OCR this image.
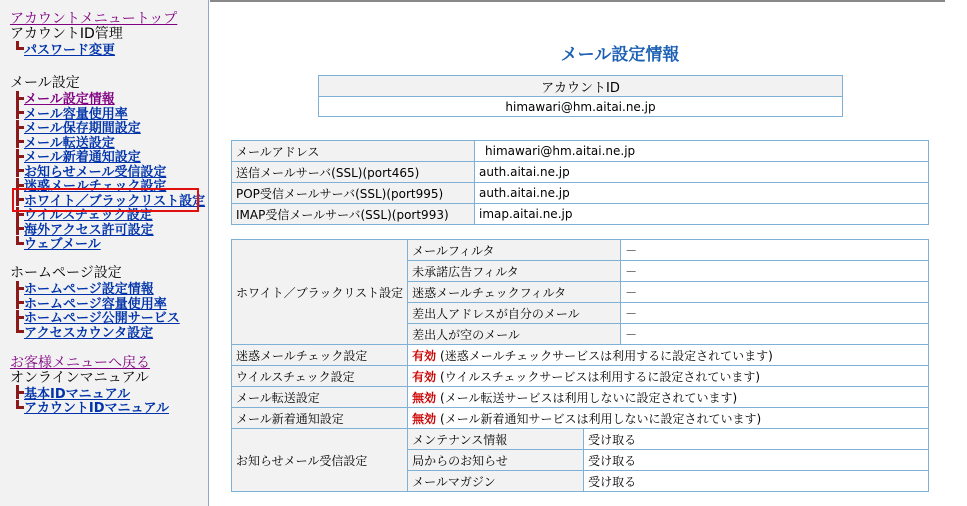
アカウントメニュートップ
アカウントID管理
パスワード変更
メール設定
メール設定情報
メール容量使用率
メール保存期間設定
メール転送設定
メール新着通知設定
お知らせメール受信設定
迷惑メールチェック設定
ホワイト／ブラックリスト設定
ウイルスチェック設定
海外アクセス許可設定
ウェブメール
ホームページ設定
ホームページ設定情報
ホームページ容量使用率
ホームページ公開サービス
アクセスカウンタ設定
お客様メニューへ戻る
オンラインマニュアル
基本IDマニュアル
アカウントIDマニュアル
メール設定情報
アカウントID
himawari@hm.aitai.ne.jp
メールアドレス	himawari@hm.aitai.ne.jp
送信メールサーバ(SSL)(port465)	auth.aitai.ne.jp
POP受信メールサーバ(SSL)(port995)	auth.aitai.ne.jp
IMAP受信メールサーバ(SSL)(port993)	imap.aitai.ne.jp
ホワイト／ブラックリスト設定	メールフィルタ		－
	未承諾広告フィルタ		－
	迷惑メールチェックフィルタ		－
	差出人アドレスが自分のメール		－
	差出人が空のメール		－
迷惑メールチェック設定	有効 (迷惑メールチェックサービスは利用するに設定されています)		
ウイルスチェック設定	有効 (ウイルスチェックサービスは利用するに設定されています)		
メール転送設定	無効 (メール転送サービスは利用しないに設定されています)		
メール新着通知設定	無効 (メール新着通知サービスは利用しないに設定されています)		
お知らせメール受信設定	メンテナンス情報	受け取る	
	局からのお知らせ	受け取る	
	メールマガジン	受け取る	
